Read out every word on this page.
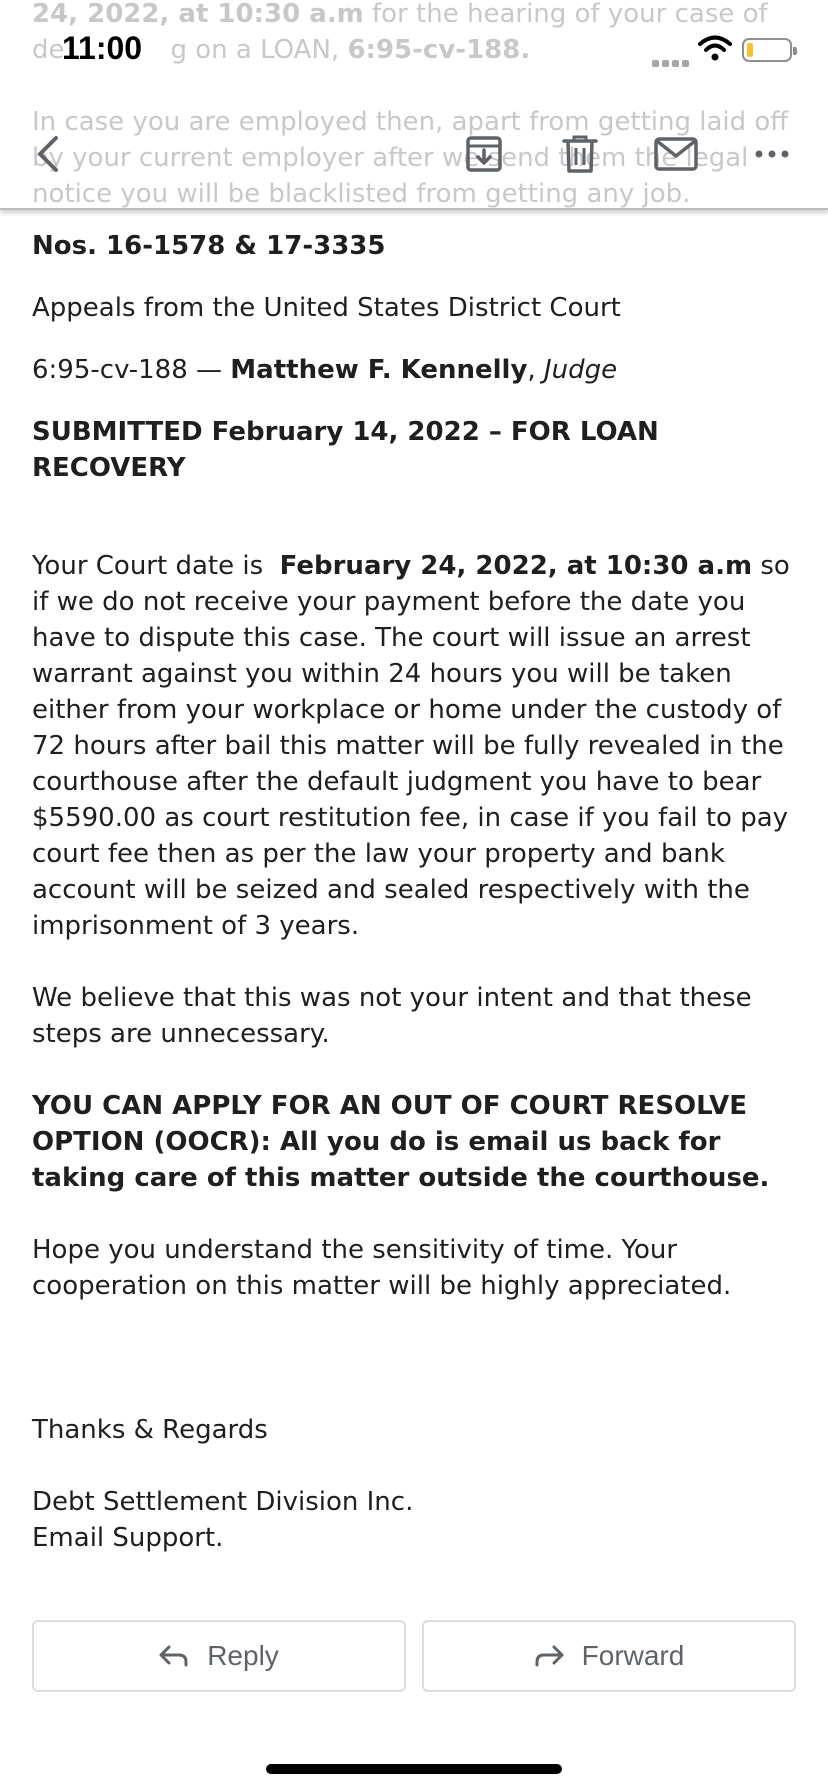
24, 2022, at 10:30 a.m for the hearing of your case of
de	g on a LOAN, 6:95-cv-188.
In case you are employed then, apart from getting laid off
by your current employer after we send them the legal
notice you will be blacklisted from getting any job.
11:00
Nos. 16-1578 & 17-3335
Appeals from the United States District Court
6:95-cv-188 — Matthew F. Kennelly, Judge
SUBMITTED February 14, 2022 – FOR LOAN RECOVERY
Your Court date is  February 24, 2022, at 10:30 a.m so if we do not receive your payment before the date you have to dispute this case. The court will issue an arrest warrant against you within 24 hours you will be taken either from your workplace or home under the custody of 72 hours after bail this matter will be fully revealed in the courthouse after the default judgment you have to bear $5590.00 as court restitution fee, in case if you fail to pay court fee then as per the law your property and bank account will be seized and sealed respectively with the imprisonment of 3 years.
We believe that this was not your intent and that these steps are unnecessary.
YOU CAN APPLY FOR AN OUT OF COURT RESOLVE OPTION (OOCR): All you do is email us back for taking care of this matter outside the courthouse.
Hope you understand the sensitivity of time. Your cooperation on this matter will be highly appreciated.
Thanks & Regards
Debt Settlement Division Inc.
Email Support.
Reply	Forward
